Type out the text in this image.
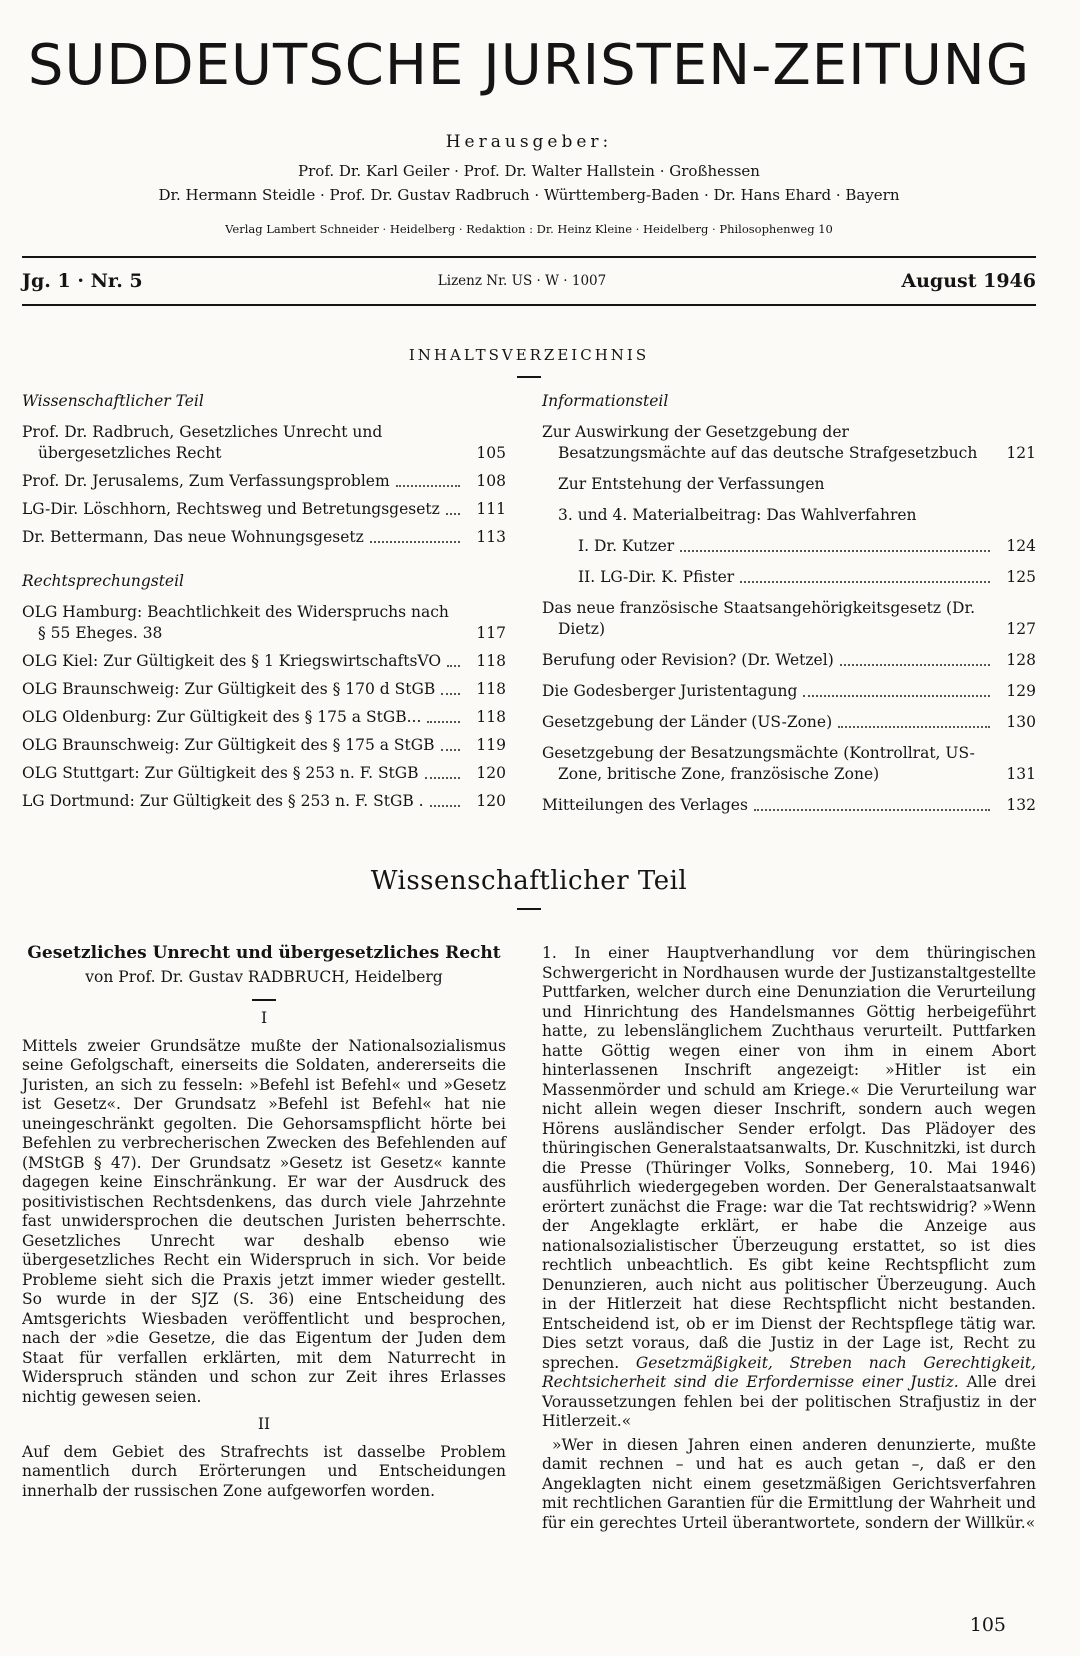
SUDDEUTSCHE JURISTEN-ZEITUNG
Herausgeber:
Prof. Dr. Karl Geiler · Prof. Dr. Walter Hallstein · Großhessen
Dr. Hermann Steidle · Prof. Dr. Gustav Radbruch · Württemberg-Baden · Dr. Hans Ehard · Bayern
Verlag Lambert Schneider · Heidelberg · Redaktion : Dr. Heinz Kleine · Heidelberg · Philosophenweg 10
Jg. 1 · Nr. 5	Lizenz Nr. US · W · 1007	August 1946
INHALTSVERZEICHNIS
Wissenschaftlicher Teil
Prof. Dr. Radbruch, Gesetzliches Unrecht und übergesetzliches Recht	105
Prof. Dr. Jerusalems, Zum Verfassungsproblem	108
LG-Dir. Löschhorn, Rechtsweg und Betretungsgesetz	111
Dr. Bettermann, Das neue Wohnungsgesetz	113
Rechtsprechungsteil
OLG Hamburg: Beachtlichkeit des Widerspruchs nach § 55 Eheges. 38	117
OLG Kiel: Zur Gültigkeit des § 1 KriegswirtschaftsVO	118
OLG Braunschweig: Zur Gültigkeit des § 170 d StGB	118
OLG Oldenburg: Zur Gültigkeit des § 175 a StGB...	118
OLG Braunschweig: Zur Gültigkeit des § 175 a StGB	119
OLG Stuttgart: Zur Gültigkeit des § 253 n. F. StGB	120
LG Dortmund: Zur Gültigkeit des § 253 n. F. StGB .	120
Informationsteil
Zur Auswirkung der Gesetzgebung der Besatzungsmächte auf das deutsche Strafgesetzbuch	121
Zur Entstehung der Verfassungen
3. und 4. Materialbeitrag: Das Wahlverfahren
I. Dr. Kutzer	124
II. LG-Dir. K. Pfister	125
Das neue französische Staatsangehörigkeitsgesetz (Dr. Dietz)	127
Berufung oder Revision? (Dr. Wetzel)	128
Die Godesberger Juristentagung	129
Gesetzgebung der Länder (US-Zone)	130
Gesetzgebung der Besatzungsmächte (Kontrollrat, US-Zone, britische Zone, französische Zone)	131
Mitteilungen des Verlages	132
Wissenschaftlicher Teil
Gesetzliches Unrecht und übergesetzliches Recht
von Prof. Dr. Gustav RADBRUCH, Heidelberg
I

Mittels zweier Grundsätze mußte der Nationalsozialismus seine Gefolgschaft, einerseits die Soldaten, andererseits die Juristen, an sich zu fesseln: »Befehl ist Befehl« und »Gesetz ist Gesetz«. Der Grundsatz »Befehl ist Befehl« hat nie uneingeschränkt gegolten. Die Gehorsamspflicht hörte bei Befehlen zu verbrecherischen Zwecken des Befehlenden auf (MStGB § 47). Der Grundsatz »Gesetz ist Gesetz« kannte dagegen keine Einschränkung. Er war der Ausdruck des positivistischen Rechtsdenkens, das durch viele Jahrzehnte fast unwidersprochen die deutschen Juristen beherrschte. Gesetzliches Unrecht war deshalb ebenso wie übergesetzliches Recht ein Widerspruch in sich. Vor beide Probleme sieht sich die Praxis jetzt immer wieder gestellt. So wurde in der SJZ (S. 36) eine Entscheidung des Amtsgerichts Wiesbaden veröffentlicht und besprochen, nach der »die Gesetze, die das Eigentum der Juden dem Staat für verfallen erklärten, mit dem Naturrecht in Widerspruch ständen und schon zur Zeit ihres Erlasses nichtig gewesen seien.

II

Auf dem Gebiet des Strafrechts ist dasselbe Problem namentlich durch Erörterungen und Entscheidungen innerhalb der russischen Zone aufgeworfen worden.

1. In einer Hauptverhandlung vor dem thüringischen Schwergericht in Nordhausen wurde der Justizanstaltgestellte Puttfarken, welcher durch eine Denunziation die Verurteilung und Hinrichtung des Handelsmannes Göttig herbeigeführt hatte, zu lebenslänglichem Zuchthaus verurteilt. Puttfarken hatte Göttig wegen einer von ihm in einem Abort hinterlassenen Inschrift angezeigt: »Hitler ist ein Massenmörder und schuld am Kriege.« Die Verurteilung war nicht allein wegen dieser Inschrift, sondern auch wegen Hörens ausländischer Sender erfolgt. Das Plädoyer des thüringischen Generalstaatsanwalts, Dr. Kuschnitzki, ist durch die Presse (Thüringer Volks, Sonneberg, 10. Mai 1946) ausführlich wiedergegeben worden. Der Generalstaatsanwalt erörtert zunächst die Frage: war die Tat rechtswidrig? »Wenn der Angeklagte erklärt, er habe die Anzeige aus nationalsozialistischer Überzeugung erstattet, so ist dies rechtlich unbeachtlich. Es gibt keine Rechtspflicht zum Denunzieren, auch nicht aus politischer Überzeugung. Auch in der Hitlerzeit hat diese Rechtspflicht nicht bestanden. Entscheidend ist, ob er im Dienst der Rechtspflege tätig war. Dies setzt voraus, daß die Justiz in der Lage ist, Recht zu sprechen. Gesetzmäßigkeit, Streben nach Gerechtigkeit, Rechtsicherheit sind die Erfordernisse einer Justiz. Alle drei Voraussetzungen fehlen bei der politischen Strafjustiz in der Hitlerzeit.«

»Wer in diesen Jahren einen anderen denunzierte, mußte damit rechnen – und hat es auch getan –, daß er den Angeklagten nicht einem gesetzmäßigen Gerichtsverfahren mit rechtlichen Garantien für die Ermittlung der Wahrheit und für ein gerechtes Urteil überantwortete, sondern der Willkür.«

105
